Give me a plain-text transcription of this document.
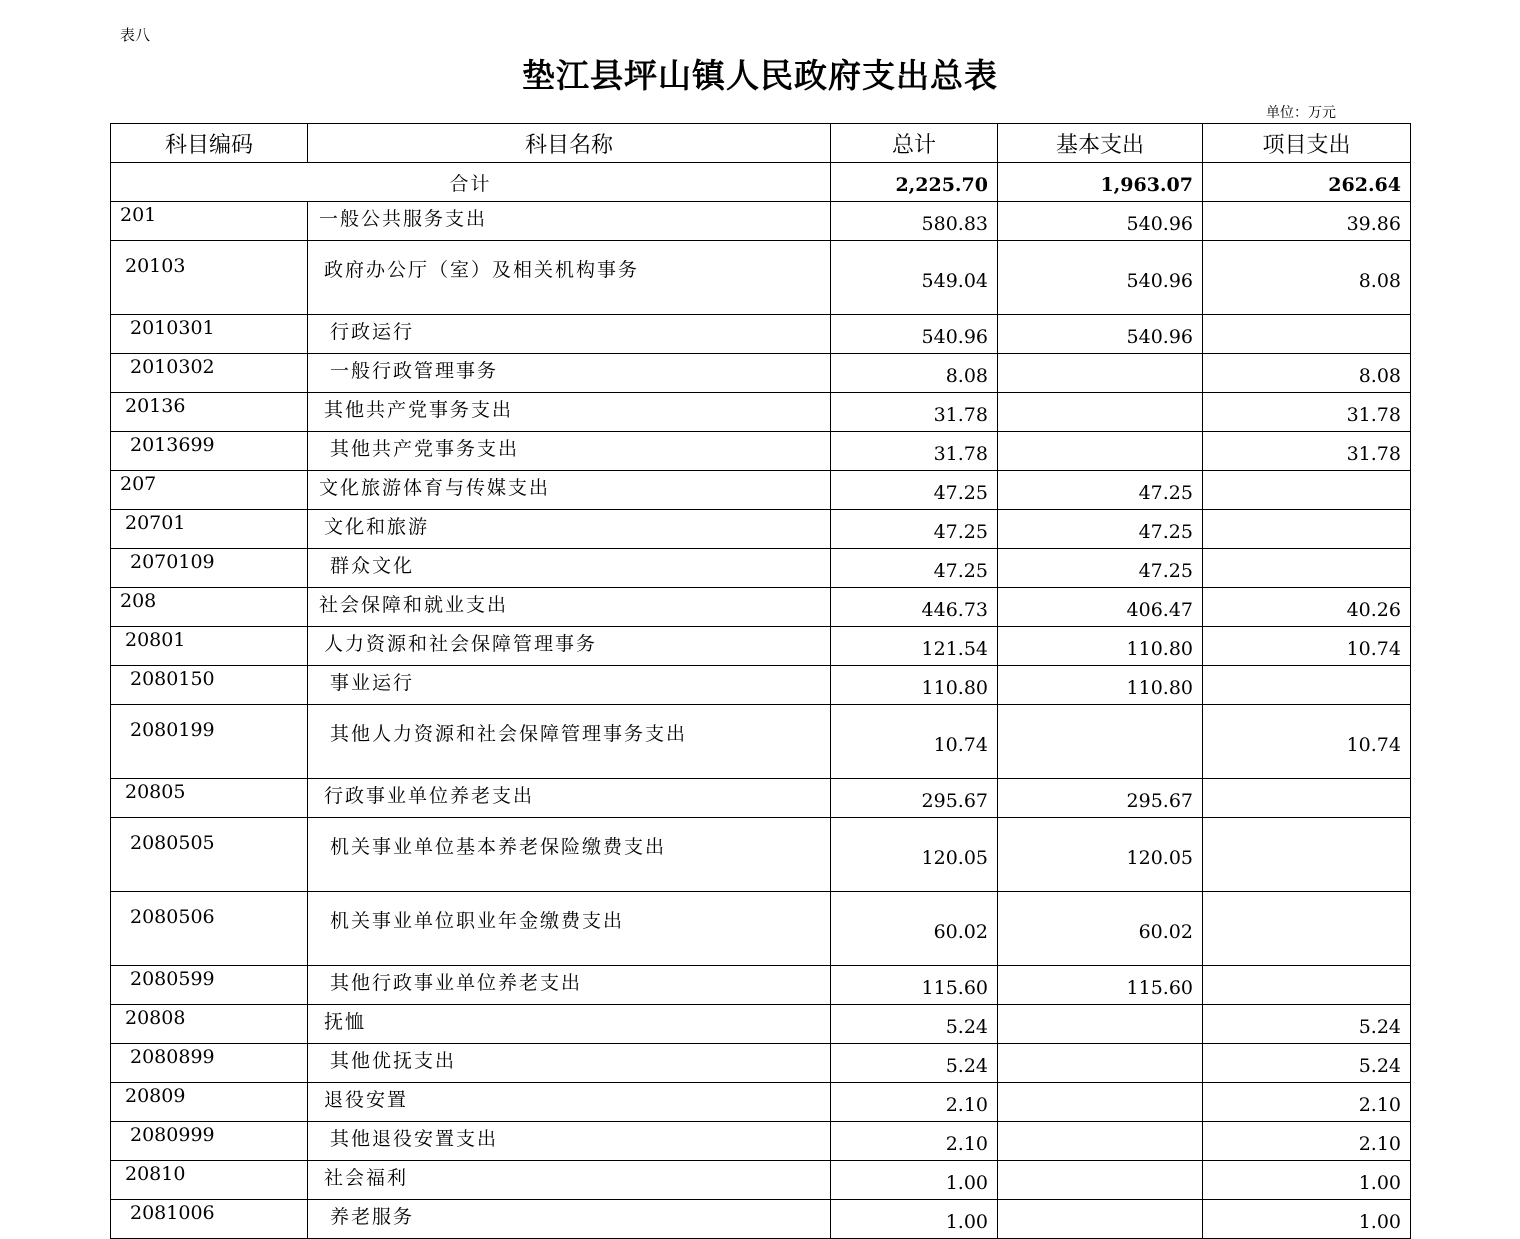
表八
垫江县坪山镇人民政府支出总表
单位：万元
科目编码	科目名称	总计	基本支出	项目支出
合计		2,225.70	1,963.07	262.64
201	一般公共服务支出	580.83	540.96	39.86
20103	政府办公厅（室）及相关机构事务	549.04	540.96	8.08
2010301	行政运行	540.96	540.96	
2010302	一般行政管理事务	8.08		8.08
20136	其他共产党事务支出	31.78		31.78
2013699	其他共产党事务支出	31.78		31.78
207	文化旅游体育与传媒支出	47.25	47.25	
20701	文化和旅游	47.25	47.25	
2070109	群众文化	47.25	47.25	
208	社会保障和就业支出	446.73	406.47	40.26
20801	人力资源和社会保障管理事务	121.54	110.80	10.74
2080150	事业运行	110.80	110.80	
2080199	其他人力资源和社会保障管理事务支出	10.74		10.74
20805	行政事业单位养老支出	295.67	295.67	
2080505	机关事业单位基本养老保险缴费支出	120.05	120.05	
2080506	机关事业单位职业年金缴费支出	60.02	60.02	
2080599	其他行政事业单位养老支出	115.60	115.60	
20808	抚恤	5.24		5.24
2080899	其他优抚支出	5.24		5.24
20809	退役安置	2.10		2.10
2080999	其他退役安置支出	2.10		2.10
20810	社会福利	1.00		1.00
2081006	养老服务	1.00		1.00
